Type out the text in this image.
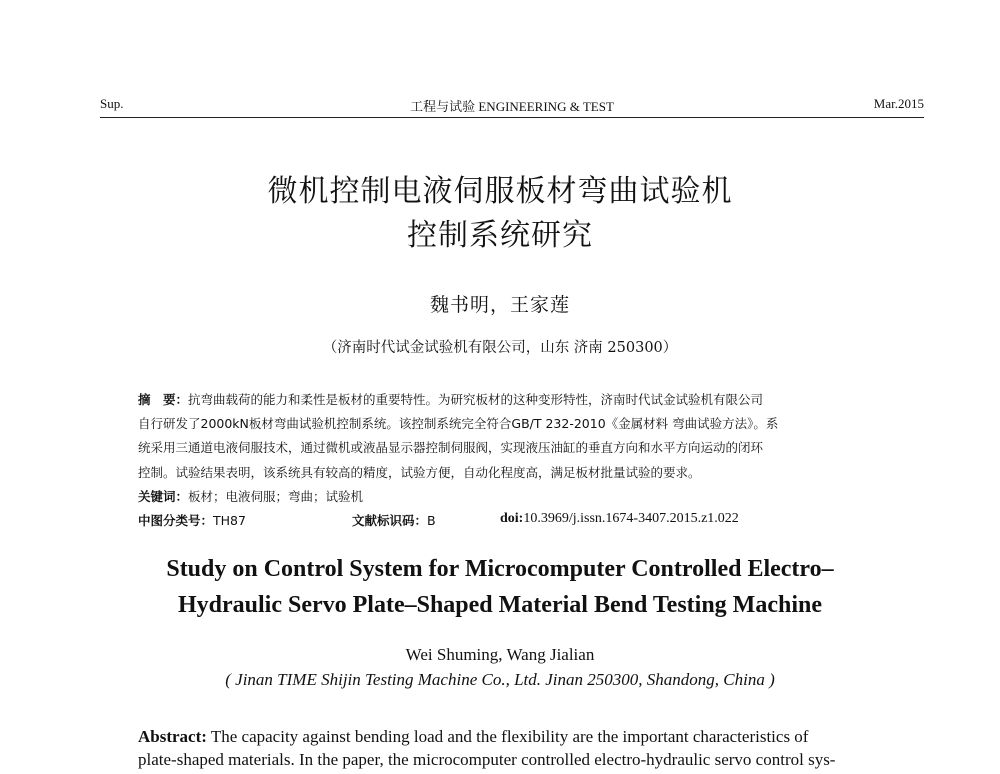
Sup.	工程与试验 ENGINEERING & TEST	Mar.2015
微机控制电液伺服板材弯曲试验机
控制系统研究
魏书明，王家莲
（济南时代试金试验机有限公司，山东 济南 250300）
摘　要：抗弯曲载荷的能力和柔性是板材的重要特性。为研究板材的这种变形特性，济南时代试金试验机有限公司
自行研发了2000kN板材弯曲试验机控制系统。该控制系统完全符合GB/T 232-2010《金属材料 弯曲试验方法》。系
统采用三通道电液伺服技术，通过微机或液晶显示器控制伺服阀，实现液压油缸的垂直方向和水平方向运动的闭环
控制。试验结果表明，该系统具有较高的精度，试验方便，自动化程度高，满足板材批量试验的要求。
关键词：板材；电液伺服；弯曲；试验机
中图分类号：TH87	文献标识码：B	doi:10.3969/j.issn.1674-3407.2015.z1.022
Study on Control System for Microcomputer Controlled Electro–
Hydraulic Servo Plate–Shaped Material Bend Testing Machine
Wei Shuming, Wang Jialian
( Jinan TIME Shijin Testing Machine Co., Ltd. Jinan 250300, Shandong, China )
Abstract: The capacity against bending load and the flexibility are the important characteristics of
plate-shaped materials. In the paper, the microcomputer controlled electro-hydraulic servo control sys-
